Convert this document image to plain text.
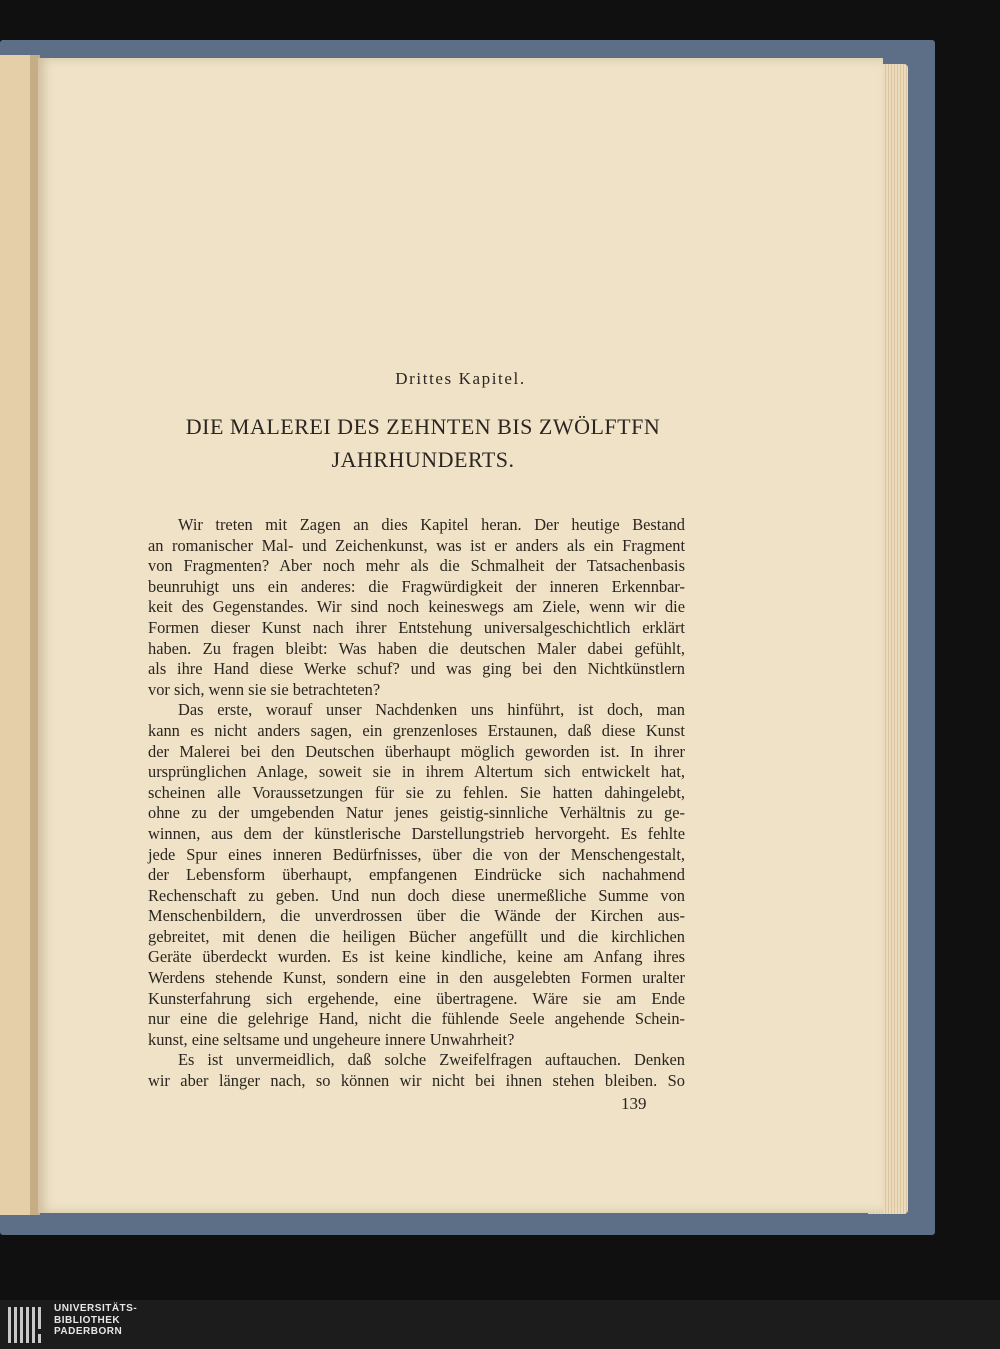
Drittes Kapitel.
DIE MALEREI DES ZEHNTEN BIS ZWÖLFTFN
JAHRHUNDERTS.
Wir treten mit Zagen an dies Kapitel heran. Der heutige Bestand
an romanischer Mal- und Zeichenkunst, was ist er anders als ein Fragment
von Fragmenten? Aber noch mehr als die Schmalheit der Tatsachenbasis
beunruhigt uns ein anderes: die Fragwürdigkeit der inneren Erkennbar-
keit des Gegenstandes. Wir sind noch keineswegs am Ziele, wenn wir die
Formen dieser Kunst nach ihrer Entstehung universalgeschichtlich erklärt
haben. Zu fragen bleibt: Was haben die deutschen Maler dabei gefühlt,
als ihre Hand diese Werke schuf? und was ging bei den Nichtkünstlern
vor sich, wenn sie sie betrachteten?
Das erste, worauf unser Nachdenken uns hinführt, ist doch, man
kann es nicht anders sagen, ein grenzenloses Erstaunen, daß diese Kunst
der Malerei bei den Deutschen überhaupt möglich geworden ist. In ihrer
ursprünglichen Anlage, soweit sie in ihrem Altertum sich entwickelt hat,
scheinen alle Voraussetzungen für sie zu fehlen. Sie hatten dahingelebt,
ohne zu der umgebenden Natur jenes geistig-sinnliche Verhältnis zu ge-
winnen, aus dem der künstlerische Darstellungstrieb hervorgeht. Es fehlte
jede Spur eines inneren Bedürfnisses, über die von der Menschengestalt,
der Lebensform überhaupt, empfangenen Eindrücke sich nachahmend
Rechenschaft zu geben. Und nun doch diese unermeßliche Summe von
Menschenbildern, die unverdrossen über die Wände der Kirchen aus-
gebreitet, mit denen die heiligen Bücher angefüllt und die kirchlichen
Geräte überdeckt wurden. Es ist keine kindliche, keine am Anfang ihres
Werdens stehende Kunst, sondern eine in den ausgelebten Formen uralter
Kunsterfahrung sich ergehende, eine übertragene. Wäre sie am Ende
nur eine die gelehrige Hand, nicht die fühlende Seele angehende Schein-
kunst, eine seltsame und ungeheure innere Unwahrheit?
Es ist unvermeidlich, daß solche Zweifelfragen auftauchen. Denken
wir aber länger nach, so können wir nicht bei ihnen stehen bleiben. So
139
UNIVERSITÄTS-
BIBLIOTHEK
PADERBORN
